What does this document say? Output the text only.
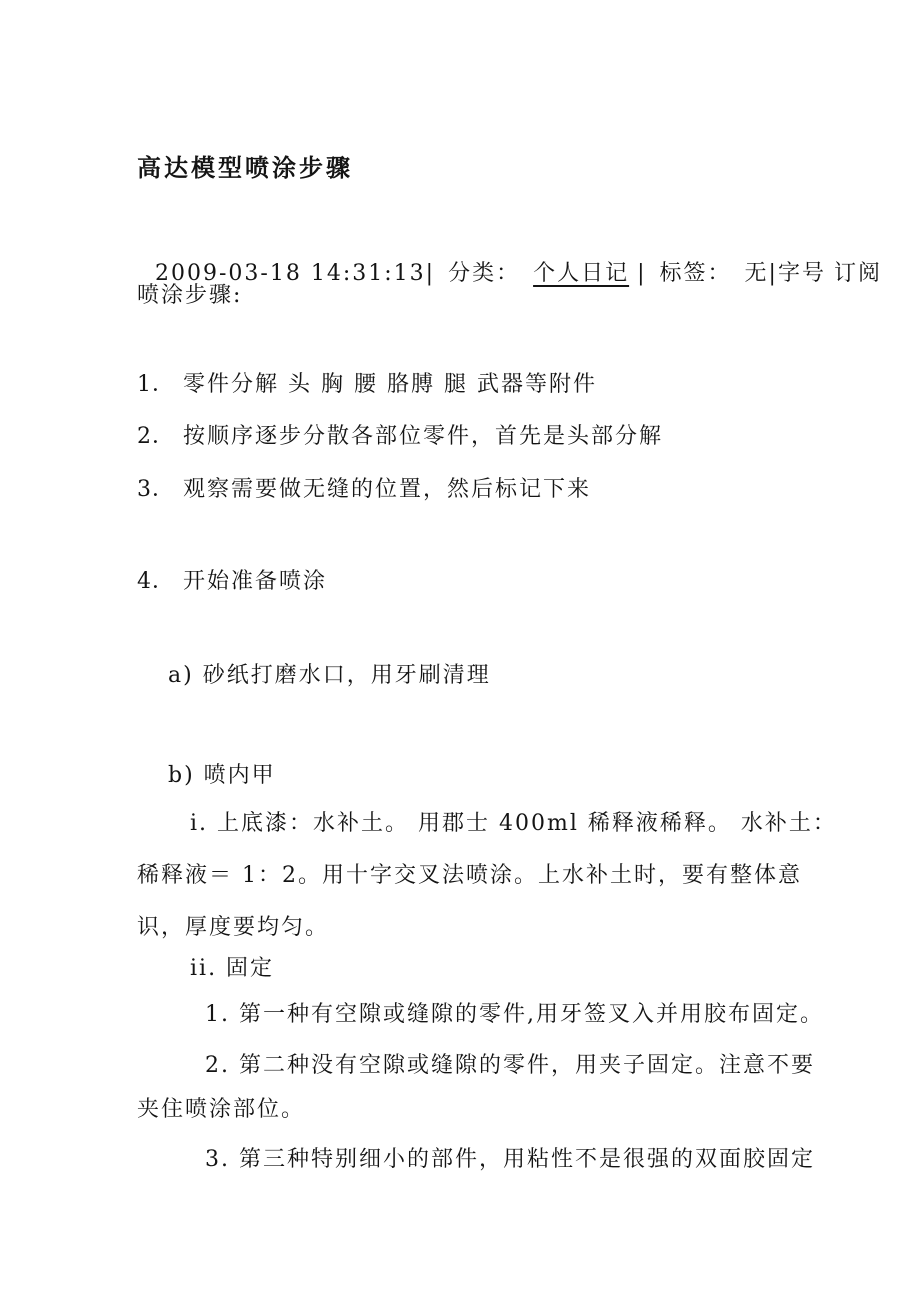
高达模型喷涂步骤

2009-03-18 14:31:13| 分类： 个人日记 | 标签： 无|字号 订阅

喷涂步骤:
1． 零件分解 头 胸 腰 胳膊 腿 武器等附件
2． 按顺序逐步分散各部位零件，首先是头部分解
3． 观察需要做无缝的位置，然后标记下来
4． 开始准备喷涂
a) 砂纸打磨水口，用牙刷清理
b) 喷内甲
i. 上底漆：水补土。 用郡士 400ml 稀释液稀释。 水补土：
稀释液＝ 1：2。用十字交叉法喷涂。上水补土时，要有整体意
识，厚度要均匀。
ii. 固定
1. 第一种有空隙或缝隙的零件,用牙签叉入并用胶布固定。
2. 第二种没有空隙或缝隙的零件，用夹子固定。注意不要
夹住喷涂部位。
3. 第三种特别细小的部件，用粘性不是很强的双面胶固定
